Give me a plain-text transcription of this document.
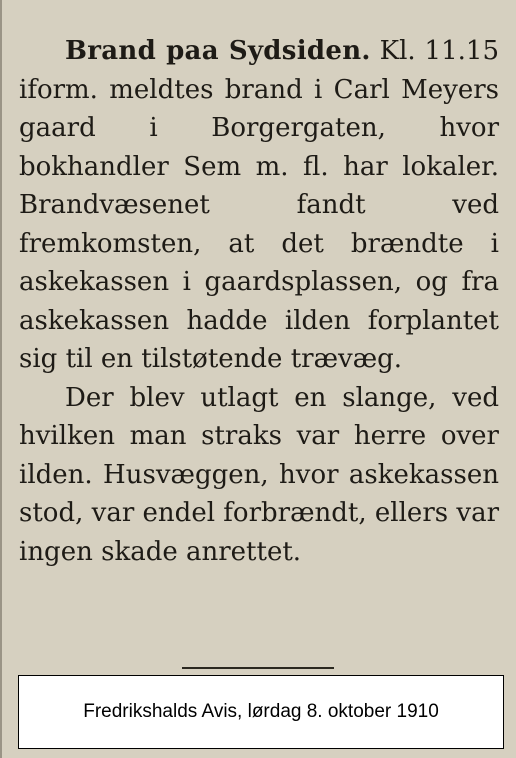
Brand paa Sydsiden. Kl. 11.15 iform. meldtes brand i Carl Meyers gaard i Borgergaten, hvor bokhandler Sem m. fl. har lokaler. Brandvæsenet fandt ved fremkomsten, at det brændte i askekassen i gaardsplassen, og fra askekassen hadde ilden forplantet sig til en tilstøtende trævæg.

Der blev utlagt en slange, ved hvilken man straks var herre over ilden. Husvæggen, hvor askekassen stod, var endel forbrændt, ellers var ingen skade anrettet.

Fredrikshalds Avis, lørdag 8. oktober 1910
